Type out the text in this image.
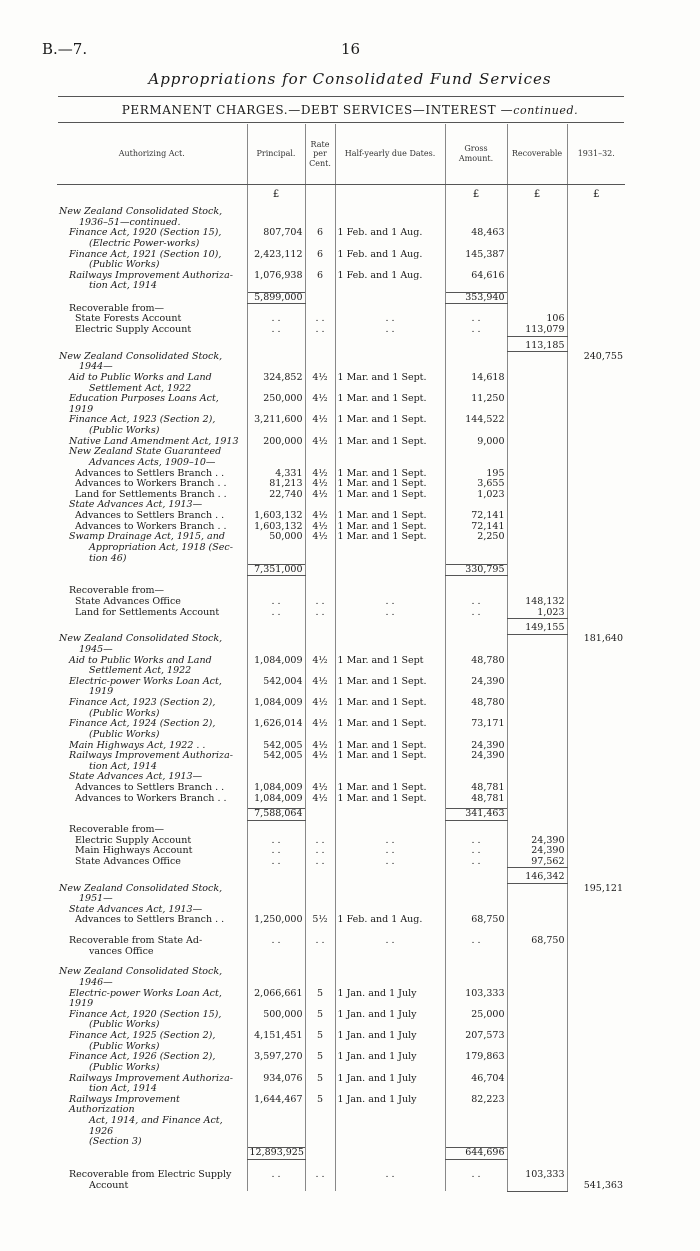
B.—7.	16
Appropriations for Consolidated Fund Services
PERMANENT CHARGES.—DEBT SERVICES—INTEREST —continued.
Authorizing Act.	Principal.	Rate per Cent.	Half-yearly due Dates.	Gross Amount.	Recoverable	1931–32.
	£			£	£	£
New Zealand Consolidated Stock,
1936–51—continued.						

Finance Act, 1920 (Section 15),
(Electric Power-works)	807,704	6	1 Feb. and 1 Aug.	48,463		
Finance Act, 1921 (Section 10),
(Public Works)	2,423,112	6	1 Feb. and 1 Aug.	145,387		
Railways Improvement Authoriza-
tion Act, 1914	1,076,938	6	1 Feb. and 1 Aug.	64,616		
	5,899,000			353,940		
Recoverable from—						
State Forests Account	. .	. .	. .	. .	106	
Electric Supply Account	. .	. .	. .	. .	113,079	

					113,185	
New Zealand Consolidated Stock,
1944—						240,755
Aid to Public Works and Land
Settlement Act, 1922	324,852	4½	1 Mar. and 1 Sept.	14,618		
Education Purposes Loans Act, 1919	250,000	4½	1 Mar. and 1 Sept.	11,250		
Finance Act, 1923 (Section 2),
(Public Works)	3,211,600	4½	1 Mar. and 1 Sept.	144,522		
Native Land Amendment Act, 1913	200,000	4½	1 Mar. and 1 Sept.	9,000		
New Zealand State Guaranteed
Advances Acts, 1909–10—						

Advances to Settlers Branch . .	4,331	4½	1 Mar. and 1 Sept.	195		
Advances to Workers Branch . .	81,213	4½	1 Mar. and 1 Sept.	3,655		
Land for Settlements Branch . .	22,740	4½	1 Mar. and 1 Sept.	1,023		
State Advances Act, 1913—						
Advances to Settlers Branch . .	1,603,132	4½	1 Mar. and 1 Sept.	72,141		
Advances to Workers Branch . .	1,603,132	4½	1 Mar. and 1 Sept.	72,141		
Swamp Drainage Act, 1915, and
Appropriation Act, 1918 (Sec-
tion 46)	50,000	4½	1 Mar. and 1 Sept.	2,250		
	7,351,000			330,795		

Recoverable from—						
State Advances Office	. .	. .	. .	. .	148,132	
Land for Settlements Account	. .	. .	. .	. .	1,023	

					149,155	
New Zealand Consolidated Stock,
1945—						181,640
Aid to Public Works and Land
Settlement Act, 1922	1,084,009	4½	1 Mar. and 1 Sept	48,780		
Electric-power Works Loan Act,
1919	542,004	4½	1 Mar. and 1 Sept.	24,390		
Finance Act, 1923 (Section 2),
(Public Works)	1,084,009	4½	1 Mar. and 1 Sept.	48,780		
Finance Act, 1924 (Section 2),
(Public Works)	1,626,014	4½	1 Mar. and 1 Sept.	73,171		
Main Highways Act, 1922 . .	542,005	4½	1 Mar. and 1 Sept.	24,390		
Railways Improvement Authoriza-
tion Act, 1914	542,005	4½	1 Mar. and 1 Sept.	24,390		
State Advances Act, 1913—						
Advances to Settlers Branch . .	1,084,009	4½	1 Mar. and 1 Sept.	48,781		
Advances to Workers Branch . .	1,084,009	4½	1 Mar. and 1 Sept.	48,781		

	7,588,064			341,463		

Recoverable from—						
Electric Supply Account	. .	. .	. .	. .	24,390	
Main Highways Account	. .	. .	. .	. .	24,390	
State Advances Office	. .	. .	. .	. .	97,562	

					146,342	
New Zealand Consolidated Stock,
1951—						195,121
State Advances Act, 1913—						
Advances to Settlers Branch . .	1,250,000	5½	1 Feb. and 1 Aug.	68,750		

Recoverable from State Ad-
vances Office	. .	. .	. .	. .	68,750	

New Zealand Consolidated Stock,
1946—						

Electric-power Works Loan Act, 1919	2,066,661	5	1 Jan. and 1 July	103,333		
Finance Act, 1920 (Section 15),
(Public Works)	500,000	5	1 Jan. and 1 July	25,000		
Finance Act, 1925 (Section 2),
(Public Works)	4,151,451	5	1 Jan. and 1 July	207,573		
Finance Act, 1926 (Section 2),
(Public Works)	3,597,270	5	1 Jan. and 1 July	179,863		
Railways Improvement Authoriza-
tion Act, 1914	934,076	5	1 Jan. and 1 July	46,704		
Railways Improvement Authorization
Act, 1914, and Finance Act, 1926
(Section 3)	1,644,467	5	1 Jan. and 1 July	82,223		
	12,893,925			644,696		

Recoverable from Electric Supply
Account	. .	. .	. .	. .	103,333	541,363
